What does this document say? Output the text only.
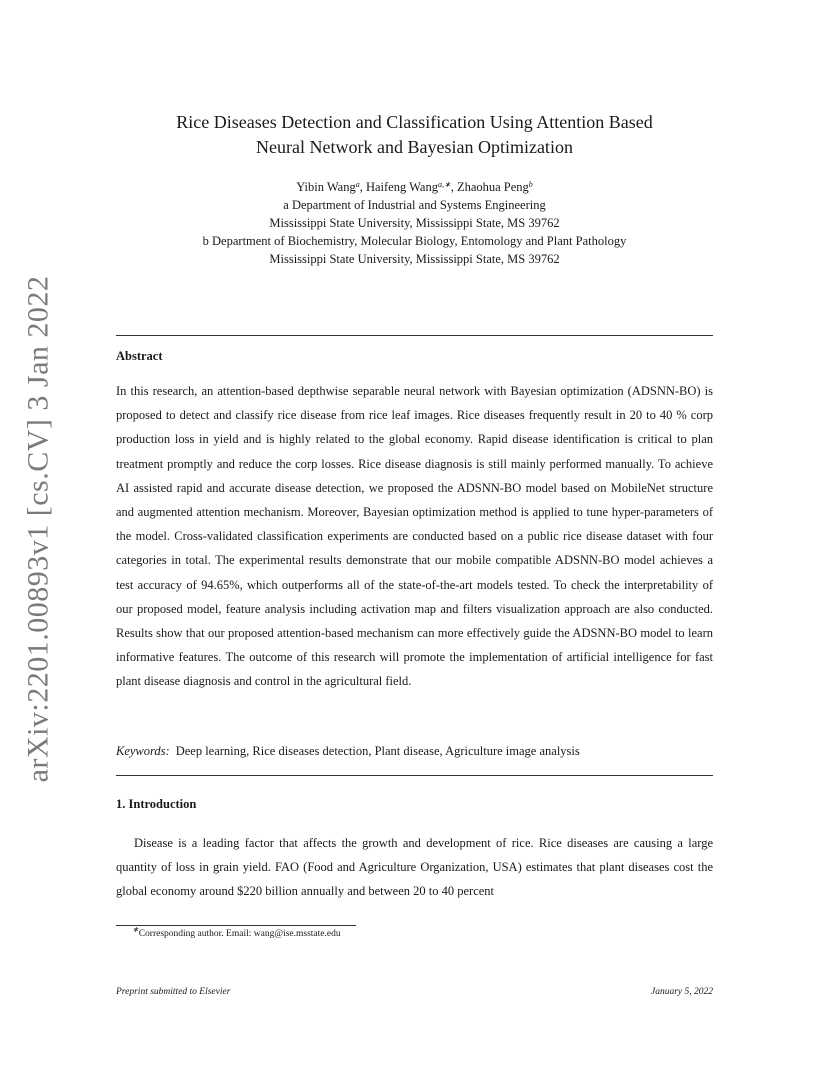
arXiv:2201.00893v1 [cs.CV] 3 Jan 2022
Rice Diseases Detection and Classification Using Attention Based
Neural Network and Bayesian Optimization
Yibin Wang$^a$, Haifeng Wang$^{a,∗}$, Zhaohua Peng$^b$
a Department of Industrial and Systems Engineering
Mississippi State University, Mississippi State, MS 39762
b Department of Biochemistry, Molecular Biology, Entomology and Plant Pathology
Mississippi State University, Mississippi State, MS 39762
Abstract

In this research, an attention-based depthwise separable neural network with Bayesian optimization (ADSNN-BO) is proposed to detect and classify rice disease from rice leaf images. Rice diseases frequently result in 20 to 40 % corp production loss in yield and is highly related to the global economy. Rapid disease identification is critical to plan treatment promptly and reduce the corp losses. Rice disease diagnosis is still mainly performed manually. To achieve AI assisted rapid and accurate disease detection, we proposed the ADSNN-BO model based on MobileNet structure and augmented attention mechanism. Moreover, Bayesian optimization method is applied to tune hyper-parameters of the model. Cross-validated classification experiments are conducted based on a public rice disease dataset with four categories in total. The experimental results demonstrate that our mobile compatible ADSNN-BO model achieves a test accuracy of 94.65%, which outperforms all of the state-of-the-art models tested. To check the interpretability of our proposed model, feature analysis including activation map and filters visualization approach are also conducted. Results show that our proposed attention-based mechanism can more effectively guide the ADSNN-BO model to learn informative features. The outcome of this research will promote the implementation of artificial intelligence for fast plant disease diagnosis and control in the agricultural field.

Keywords: Deep learning, Rice diseases detection, Plant disease, Agriculture image analysis
1. Introduction

Disease is a leading factor that affects the growth and development of rice. Rice diseases are causing a large quantity of loss in grain yield. FAO (Food and Agriculture Organization, USA) estimates that plant diseases cost the global economy around $220 billion annually and between 20 to 40 percent

∗Corresponding author. Email: wang@ise.msstate.edu
Preprint submitted to Elsevier	January 5, 2022
